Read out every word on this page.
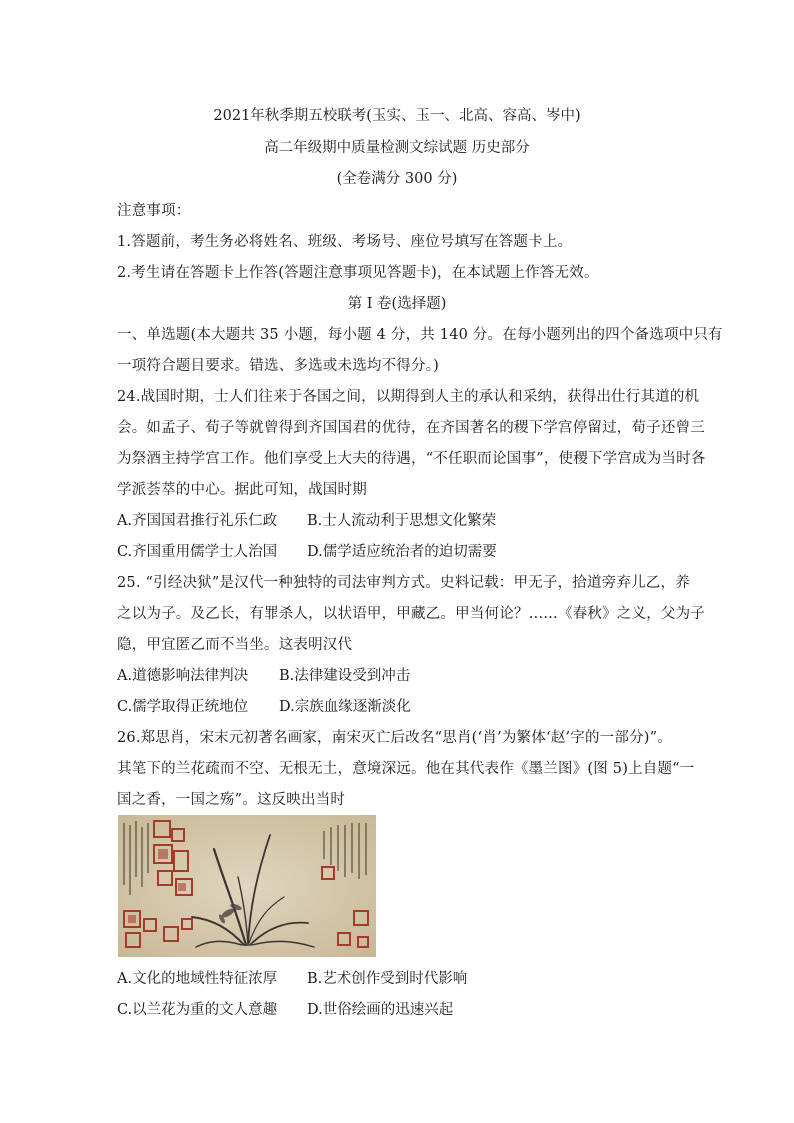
2021年秋季期五校联考(玉实、玉一、北高、容高、岑中)
高二年级期中质量检测文综试题 历史部分
(全卷满分 300 分)
注意事项：
1.答题前，考生务必将姓名、班级、考场号、座位号填写在答题卡上。
2.考生请在答题卡上作答(答题注意事项见答题卡)，在本试题上作答无效。
第 I 卷(选择题)
一、单选题(本大题共 35 小题，每小题 4 分，共 140 分。在每小题列出的四个备选项中只有
一项符合题目要求。错选、多选或未选均不得分。)
24.战国时期，士人们往来于各国之间，以期得到人主的承认和采纳，获得出仕行其道的机
会。如孟子、荀子等就曾得到齐国国君的优待，在齐国著名的稷下学宫停留过，荀子还曾三
为祭酒主持学宫工作。他们享受上大夫的待遇，“不任职而论国事”，使稷下学宫成为当时各
学派荟萃的中心。据此可知，战国时期
A.齐国国君推行礼乐仁政 B.士人流动利于思想文化繁荣
C.齐国重用儒学士人治国 D.儒学适应统治者的迫切需要
25. “引经决狱”是汉代一种独特的司法审判方式。史料记载：甲无子，拾道旁弃儿乙，养
之以为子。及乙长，有罪杀人，以状语甲，甲藏乙。甲当何论？……《春秋》之义，父为子
隐，甲宜匿乙而不当坐。这表明汉代
A.道德影响法律判决 B.法律建设受到冲击
C.儒学取得正统地位 D.宗族血缘逐渐淡化
26.郑思肖，宋末元初著名画家，南宋灭亡后改名“思肖(‘肖’为繁体‘赵’字的一部分)”。
其笔下的兰花疏而不空、无根无土，意境深远。他在其代表作《墨兰图》(图 5)上自题“一
国之香，一国之殇”。这反映出当时
A.文化的地域性特征浓厚 B.艺术创作受到时代影响
C.以兰花为重的文人意趣 D.世俗绘画的迅速兴起
